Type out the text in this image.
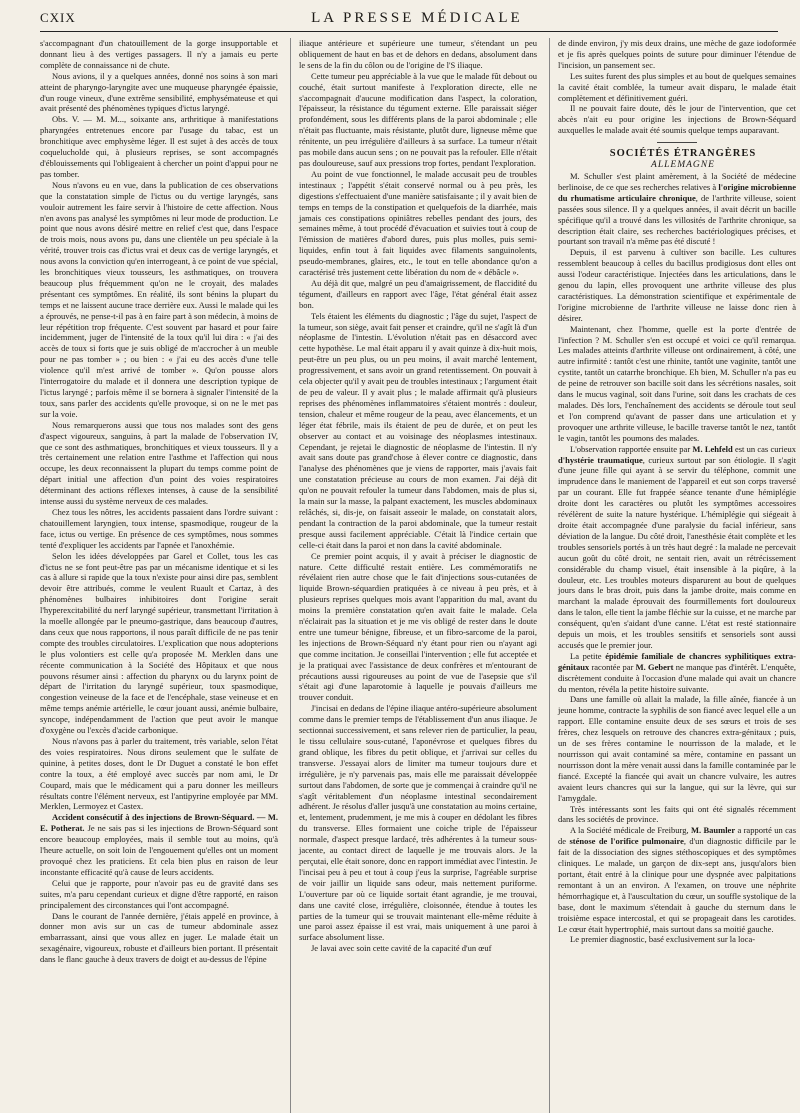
CXIX	LA PRESSE MÉDICALE

s'accompagnant d'un chatouillement de la gorge insupportable et donnant lieu à des vertiges passagers. Il n'y a jamais eu perte complète de connaissance ni de chute.

Nous avions, il y a quelques années, donné nos soins à son mari atteint de pharyngo-laryngite avec une muqueuse pharyngée épaissie, d'un rouge vineux, d'une extrême sensibilité, emphysémateuse et qui avait présenté des phénomènes typiques d'ictus laryngé.

Obs. V. — M. M..., soixante ans, arthritique à manifestations pharyngées entretenues encore par l'usage du tabac, est un bronchitique avec emphysème léger. Il est sujet à des accès de toux coquelucholde qui, à plusieurs reprises, se sont accompagnés d'éblouissements qui l'obligeaient à chercher un point d'appui pour ne pas tomber.

Nous n'avons eu en vue, dans la publication de ces observations que la constatation simple de l'ictus ou du vertige laryngés, sans vouloir autrement les faire servir à l'histoire de cette affection. Nous n'en avons pas analysé les symptômes ni leur mode de production. Le point que nous avons désiré mettre en relief c'est que, dans l'espace de trois mois, nous avons pu, dans une clientèle un peu spéciale à la vérité, trouver trois cas d'ictus vrai et deux cas de vertige laryngés, et nous avons la conviction qu'en interrogeant, à ce point de vue spécial, les bronchitiques vieux tousseurs, les asthmatiques, on trouvera beaucoup plus fréquemment qu'on ne le croyait, des malades présentant ces symptômes. En réalité, ils sont bénins la plupart du temps et ne laissent aucune trace derrière eux. Aussi le malade qui les a éprouvés, ne pense-t-il pas à en faire part à son médecin, à moins de leur répétition trop fréquente. C'est souvent par hasard et pour faire incidemment, juger de l'intensité de la toux qu'il lui dira : « j'ai des accès de toux si forts que je suis obligé de m'accrocher à un meuble pour ne pas tomber » ; ou bien : « j'ai eu des accès d'une telle violence qu'il m'est arrivé de tomber ». Qu'on pousse alors l'interrogatoire du malade et il donnera une description typique de l'ictus laryngé ; parfois même il se bornera à signaler l'intensité de la toux, sans parler des accidents qu'elle provoque, si on ne le met pas sur la voie.

Nous remarquerons aussi que tous nos malades sont des gens d'aspect vigoureux, sanguins, à part la malade de l'observation IV, que ce sont des asthmatiques, bronchitiques et vieux tousseurs. Il y a très certainement une relation entre l'asthme et l'affection qui nous occupe, les deux reconnaissent la plupart du temps comme point de départ initial une affection d'un point des voies respiratoires déterminant des actions réflexes intenses, à cause de la sensibilité intense aussi du système nerveux de ces malades.

Chez tous les nôtres, les accidents passaient dans l'ordre suivant : chatouillement laryngien, toux intense, spasmodique, rougeur de la face, ictus ou vertige. En présence de ces symptômes, nous sommes tenté d'expliquer les accidents par l'apnée et l'anoxhémie.

Selon les idées développées par Garel et Collet, tous les cas d'ictus ne se font peut-être pas par un mécanisme identique et si les cas à allure si rapide que la toux n'existe pour ainsi dire pas, semblent devoir être attribués, comme le veulent Ruault et Cartaz, à des phénomènes bulbaires inhibitoires dont l'origine serait l'hyperexcitabilité du nerf laryngé supérieur, transmettant l'irritation à la moelle allongée par le pneumo-gastrique, dans beaucoup d'autres, dans ceux que nous rapportons, il nous paraît difficile de ne pas tenir compte des troubles circulatoires. L'explication que nous adopterions le plus volontiers est celle qu'a proposée M. Merklen dans une récente communication à la Société des Hôpitaux et que nous pouvons résumer ainsi : affection du pharynx ou du larynx point de départ de l'irritation du laryngé supérieur, toux spasmodique, congestion veineuse de la face et de l'encéphale, stase veineuse et en même temps anémie artérielle, le cœur jouant aussi, anémie bulbaire, syncope, indépendamment de l'action que peut avoir le manque d'oxygène ou l'excès d'acide carbonique.

Nous n'avons pas à parler du traitement, très variable, selon l'état des voies respiratoires. Nous dirons seulement que le sulfate de quinine, à petites doses, dont le Dr Duguet a constaté le bon effet contre la toux, a été employé avec succès par nom ami, le Dr Coupard, mais que le médicament qui a paru donner les meilleurs résultats contre l'élément nerveux, est l'antipyrine employée par MM. Merklen, Lermoyez et Castex.

Accident consécutif à des injections de Brown-Séquard. — M. E. Potherat. Je ne sais pas si les injections de Brown-Séquard sont encore beaucoup employées, mais il semble tout au moins, qu'à l'heure actuelle, on soit loin de l'engouement qu'elles ont un moment provoqué chez les praticiens. Et cela bien plus en raison de leur inconstante efficacité qu'à cause de leurs accidents.

Celui que je rapporte, pour n'avoir pas eu de gravité dans ses suites, m'a paru cependant curieux et digne d'être rapporté, en raison principalement des circonstances qui l'ont accompagné.

Dans le courant de l'année dernière, j'étais appelé en province, à donner mon avis sur un cas de tumeur abdominale assez embarrassant, ainsi que vous allez en juger. Le malade était un sexagénaire, vigoureux, robuste et d'ailleurs bien portant. Il présentait dans le flanc gauche à deux travers de doigt et au-dessus de l'épine

iliaque antérieure et supérieure une tumeur, s'étendant un peu obliquement de haut en bas et de dehors en dedans, absolument dans le sens de la fin du côlon ou de l'origine de l'S iliaque.

Cette tumeur peu appréciable à la vue que le malade fût debout ou couché, était surtout manifeste à l'exploration directe, elle ne s'accompagnait d'aucune modification dans l'aspect, la coloration, l'épaisseur, la résistance du tégument externe. Elle paraissait siéger profondément, sous les différents plans de la paroi abdominale ; elle n'était pas fluctuante, mais résistante, plutôt dure, ligneuse même que rénitente, un peu irrégulière d'ailleurs à sa surface. La tumeur n'était pas mobile dans aucun sens ; on ne pouvait pas la refouler. Elle n'était pas douloureuse, sauf aux pressions trop fortes, pendant l'exploration.

Au point de vue fonctionnel, le malade accusait peu de troubles intestinaux ; l'appétit s'était conservé normal ou à peu près, les digestions s'effectuaient d'une manière satisfaisante ; il y avait bien de temps en temps de la constipation et quelquefois de la diarrhée, mais jamais ces constipations opiniâtres rebelles pendant des jours, des semaines même, à tout procédé d'évacuation et suivies tout à coup de l'émission de matières d'abord dures, puis plus molles, puis semi-liquides, enfin tout à fait liquides avec filaments sanguinolents, pseudo-membranes, glaires, etc., le tout en telle abondance qu'on a caractérisé très justement cette libération du nom de « débâcle ».

Au déjà dit que, malgré un peu d'amaigrissement, de flaccidité du tégument, d'ailleurs en rapport avec l'âge, l'état général était assez bon.

Tels étaient les éléments du diagnostic ; l'âge du sujet, l'aspect de la tumeur, son siège, avait fait penser et craindre, qu'il ne s'agît là d'un néoplasme de l'intestin. L'évolution n'était pas en désaccord avec cette hypothèse. Le mal était apparu il y avait quinze à dix-huit mois, peut-être un peu plus, ou un peu moins, il avait marché lentement, progressivement, et sans avoir un grand retentissement. On pouvait à cela objecter qu'il y avait peu de troubles intestinaux ; l'argument était de peu de valeur. Il y avait plus ; le malade affirmait qu'à plusieurs reprises des phénomènes inflammatoires s'étaient montrés : douleur, tension, chaleur et même rougeur de la peau, avec élancements, et un léger état fébrile, mais ils étaient de peu de durée, et on peut les observer au contact et au voisinage des néoplasmes intestinaux. Cependant, je rejetai le diagnostic de néoplasme de l'intestin. Il n'y avait sans doute pas grand'chose à élever contre ce diagnostic, dans l'analyse des phénomènes que je viens de rapporter, mais j'avais fait une constatation précieuse au cours de mon examen. J'ai déjà dit qu'on ne pouvait refouler la tumeur dans l'abdomen, mais de plus si, la main sur la masse, la palpant exactement, les muscles abdominaux relâchés, si, dis-je, on faisait asseoir le malade, on constatait alors, pendant la contraction de la paroi abdominale, que la tumeur restait presque aussi facilement appréciable. C'était là l'indice certain que celle-ci était dans la paroi et non dans la cavité abdominale.

Ce premier point acquis, il y avait à préciser le diagnostic de nature. Cette difficulté restait entière. Les commémoratifs ne révélaient rien autre chose que le fait d'injections sous-cutanées de liquide Brown-séquardien pratiquées à ce niveau à peu près, et à plusieurs reprises quelques mois avant l'apparition du mal, avant du moins la première constatation qu'en avait faite le malade. Cela n'éclairait pas la situation et je me vis obligé de rester dans le doute entre une tumeur bénigne, fibreuse, et un fibro-sarcome de la paroi, les injections de Brown-Séquard n'y étant pour rien ou n'ayant agi que comme incitation. Je conseillai l'intervention ; elle fut acceptée et je la pratiquai avec l'assistance de deux confrères et m'entourant de précautions aussi rigoureuses au point de vue de l'asepsie que s'il s'était agi d'une laparotomie à laquelle je pouvais d'ailleurs me trouver conduit.

J'incisai en dedans de l'épine iliaque antéro-supérieure absolument comme dans le premier temps de l'établissement d'un anus iliaque. Je sectionnai successivement, et sans relever rien de particulier, la peau, le tissu cellulaire sous-cutané, l'aponévrose et quelques fibres du grand oblique, les fibres du petit oblique, et j'arrivai sur celles du transverse. J'essayai alors de limiter ma tumeur toujours dure et irrégulière, je n'y parvenais pas, mais elle me paraissait développée surtout dans l'abdomen, de sorte que je commençai à craindre qu'il ne s'agît véritablement d'un néoplasme intestinal secondairement adhérent. Je résolus d'aller jusqu'à une constatation au moins certaine, et, lentement, prudemment, je me mis à couper en dédolant les fibres du transverse. Elles formaient une coiche triple de l'épaisseur normale, d'aspect presque lardacé, très adhérentes à la tumeur sous-jacente, au contact direct de laquelle je me trouvais alors. Je la perçutai, elle était sonore, donc en rapport immédiat avec l'intestin. Je l'incisai peu à peu et tout à coup j'eus la surprise, l'agréable surprise de voir jaillir un liquide sans odeur, mais nettement puriforme. L'ouverture par où ce liquide sortait étant agrandie, je me trouvai, dans une cavité close, irrégulière, cloisonnée, étendue à toutes les parties de la tumeur qui se trouvait maintenant elle-même réduite à une paroi assez épaisse il est vrai, mais uniquement à une paroi à surface absolument lisse.

Je lavai avec soin cette cavité de la capacité d'un œuf

de dinde environ, j'y mis deux drains, une mèche de gaze iodoformée et je fis après quelques points de suture pour diminuer l'étendue de l'incision, un pansement sec.

Les suites furent des plus simples et au bout de quelques semaines la cavité était comblée, la tumeur avait disparu, le malade était complètement et définitivement guéri.

Il ne pouvait faire doute, dès le jour de l'intervention, que cet abcès n'ait eu pour origine les injections de Brown-Séquard auxquelles le malade avait été soumis quelque temps auparavant.

SOCIÉTÉS ÉTRANGÈRES

ALLEMAGNE

M. Schuller s'est plaint amèrement, à la Société de médecine berlinoise, de ce que ses recherches relatives à l'origine microbienne du rhumatisme articulaire chronique, de l'arthrite villeuse, soient passées sous silence. Il y a quelques années, il avait décrit un bacille spécifique qu'il a trouvé dans les villosités de l'arthrite chronique, sa description était claire, ses recherches bactériologiques précises, et pourtant son travail n'a même pas été discuté !

Depuis, il est parvenu à cultiver son bacille. Les cultures ressemblent beaucoup à celles du bacillus prodigiosus dont elles ont aussi l'odeur caractéristique. Injectées dans les articulations, dans le genou du lapin, elles provoquent une arthrite villeuse des plus caractéristiques. La démonstration scientifique et expérimentale de l'origine microbienne de l'arthrite villeuse ne laisse donc rien à désirer.

Maintenant, chez l'homme, quelle est la porte d'entrée de l'infection ? M. Schuller s'en est occupé et voici ce qu'il remarqua. Les malades atteints d'arthrite villeuse ont ordinairement, à côté, une autre infirmité : tantôt c'est une rhinite, tantôt une vaginite, tantôt une cystite, tantôt un catarrhe bronchique. Eh bien, M. Schuller n'a pas eu de peine de retrouver son bacille soit dans les sécrétions nasales, soit dans le mucus vaginal, soit dans l'urine, soit dans les crachats de ces malades. Dès lors, l'enchaînement des accidents se déroule tout seul et l'on comprend qu'avant de passer dans une articulation et y provoquer une arthrite villeuse, le bacille traverse tantôt le nez, tantôt le vagin, tantôt les poumons des malades.

L'observation rapportée ensuite par M. Lehfeld est un cas curieux d'hystérie traumatique, curieux surtout par son étiologie. Il s'agit d'une jeune fille qui ayant à se servir du téléphone, commit une imprudence dans le maniement de l'appareil et eut son corps traversé par un courant. Elle fut frappée séance tenante d'une hémiplégie droite dont les caractères ou plutôt les symptômes accessoires révélèrent de suite la nature hystérique. L'hémiplégie qui siégeait à droite était accompagnée d'une paralysie du facial inférieur, sans déviation de la langue. Du côté droit, l'anesthésie était complète et les troubles sensoriels portés à un très haut degré : la malade ne percevait aucun goût du côté droit, ne sentait rien, avait un rétrécissement considérable du champ visuel, était insensible à la piqûre, à la douleur, etc. Les troubles moteurs disparurent au bout de quelques jours dans le bras droit, puis dans la jambe droite, mais comme en marchant la malade éprouvait des fourmillements fort douloureux dans le talon, elle tient la jambe fléchie sur la cuisse, et ne marche par conséquent, qu'en s'aidant d'une canne. L'état est resté stationnaire depuis un mois, et les troubles sensitifs et sensoriels sont aussi accusés que le premier jour.

La petite épidémie familiale de chancres syphilitiques extra-génitaux racontée par M. Gebert ne manque pas d'intérêt. L'enquête, discrètement conduite à l'occasion d'une malade qui avait un chancre du menton, révéla la petite histoire suivante.

Dans une famille où allait la malade, la fille aînée, fiancée à un jeune homme, contracte la syphilis de son fiancé avec lequel elle a un rapport. Elle contamine ensuite deux de ses sœurs et trois de ses frères, chez lesquels on retrouve des chancres extra-génitaux ; puis, un de ses frères contamine le nourrisson de la malade, et le nourrisson qui avait contaminé sa mère, contamine en passant un nourrisson dont la mère venait aussi dans la famille contaminée par le fiancé. Excepté la fiancée qui avait un chancre vulvaire, les autres avaient leurs chancres qui sur la langue, qui sur la lèvre, qui sur l'amygdale.

Très intéressants sont les faits qui ont été signalés récemment dans les sociétés de province.

A la Société médicale de Freiburg, M. Baumler a rapporté un cas de sténose de l'orifice pulmonaire, d'un diagnostic difficile par le fait de la dissociation des signes stéthoscopiques et des symptômes cliniques. Le malade, un garçon de dix-sept ans, jusqu'alors bien portant, était entré à la clinique pour une dyspnée avec palpitations remontant à un an environ. A l'examen, on trouve une néphrite hémorrhagique et, à l'auscultation du cœur, un souffle systolique de la base, dont le maximum s'étendait à gauche du sternum dans le troisième espace intercostal, et qui se propageait dans les carotides. Le cœur était hypertrophié, mais surtout dans sa moitié gauche.

Le premier diagnostic, basé exclusivement sur la loca-
